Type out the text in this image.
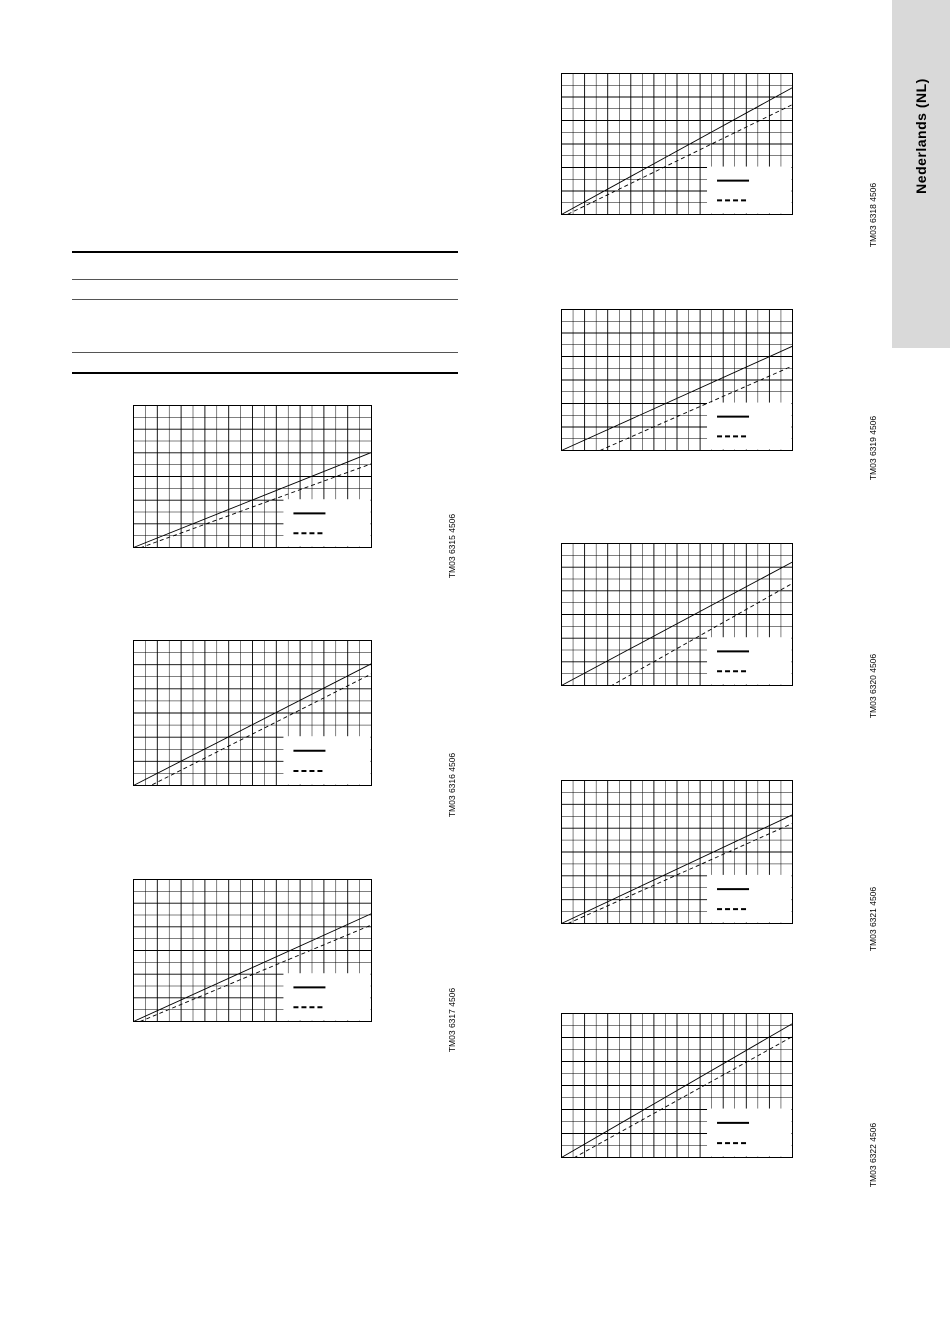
Nederlands (NL)
TM03 6315 4506
TM03 6316 4506
TM03 6317 4506
TM03 6318 4506
TM03 6319 4506
TM03 6320 4506
TM03 6321 4506
TM03 6322 4506
